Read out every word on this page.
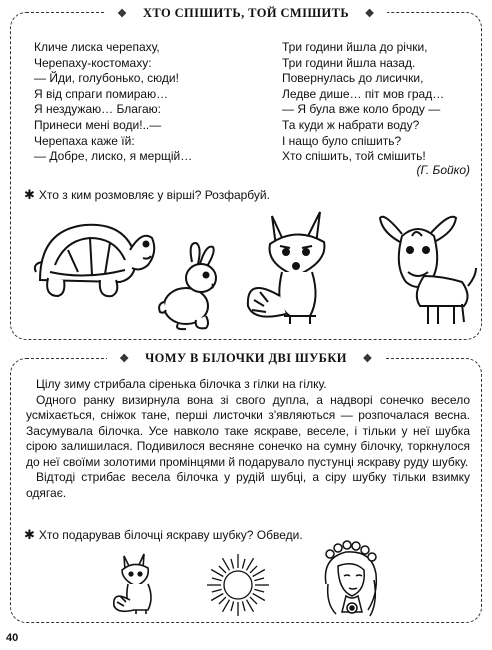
❖ ХТО СПІШИТЬ, ТОЙ СМІШИТЬ ❖
Кличе лиска черепаху,
Черепаху-костомаху:
— Йди, голубонько, сюди!
Я від спраги помираю…
Я нездужаю… Благаю:
Принеси мені води!..—
Черепаха каже їй:
— Добре, лиско, я мерщій…
Три години йшла до річки,
Три години йшла назад.
Повернулась до лисички,
Ледве дише… піт мов град…
— Я була вже коло броду —
Та куди ж набрати воду?
І нащо було спішить?
Хто спішить, той смішить!
(Г. Бойко)
✱ Хто з ким розмовляє у вірші? Розфарбуй.
❖ ЧОМУ В БІЛОЧКИ ДВІ ШУБКИ ❖

Цілу зиму стрибала сіренька білочка з гілки на гілку.

Одного ранку визирнула вона зі свого дупла, а надворі сонечко весело усміхається, сніжок тане, перші листочки з'являються — розпочалася весна. Засумувала білочка. Усе навколо таке яскраве, веселе, і тільки у неї шубка сірою залишилася. Подивилося весняне сонечко на сумну білочку, торкнулося до неї своїми золотими промінцями й подарувало пустунці яскраву руду шубку.

Відтоді стрибає весела білочка у рудій шубці, а сіру шубку тільки взимку одягає.

✱ Хто подарував білочці яскраву шубку? Обведи.
40
